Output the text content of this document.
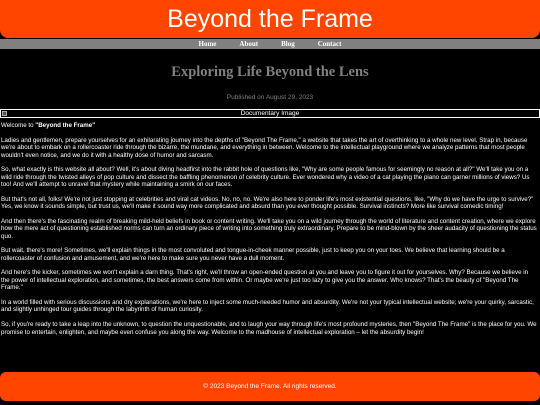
Beyond the Frame
Home	About	Blog	Contact
Exploring Life Beyond the Lens
Published on August 29, 2023
Documentary Image

Welcome to "Beyond the Frame"

Ladies and gentlemen, prepare yourselves for an exhilarating journey into the depths of "Beyond The Frame," a website that takes the art of overthinking to a whole new level. Strap in, because we're about to embark on a rollercoaster ride through the bizarre, the mundane, and everything in between. Welcome to the intellectual playground where we analyze patterns that most people wouldn't even notice, and we do it with a healthy dose of humor and sarcasm.

So, what exactly is this website all about? Well, it's about diving headfirst into the rabbit hole of questions like, "Why are some people famous for seemingly no reason at all?" We'll take you on a wild ride through the twisted alleys of pop culture and dissect the baffling phenomenon of celebrity culture. Ever wondered why a video of a cat playing the piano can garner millions of views? Us too! And we'll attempt to unravel that mystery while maintaining a smirk on our faces.

But that's not all, folks! We're not just stopping at celebrities and viral cat videos. No, no, no. We're also here to ponder life's most existential questions, like, "Why do we have the urge to survive?" Yes, we know it sounds simple, but trust us, we'll make it sound way more complicated and absurd than you ever thought possible. Survival instincts? More like survival comedic timing!

And then there's the fascinating realm of breaking mild-held beliefs in book or content writing. We'll take you on a wild journey through the world of literature and content creation, where we explore how the mere act of questioning established norms can turn an ordinary piece of writing into something truly extraordinary. Prepare to be mind-blown by the sheer audacity of questioning the status quo.

But wait, there's more! Sometimes, we'll explain things in the most convoluted and tongue-in-cheek manner possible, just to keep you on your toes. We believe that learning should be a rollercoaster of confusion and amusement, and we're here to make sure you never have a dull moment.

And here's the kicker, sometimes we won't explain a darn thing. That's right, we'll throw an open-ended question at you and leave you to figure it out for yourselves. Why? Because we believe in the power of intellectual exploration, and sometimes, the best answers come from within. Or maybe we're just too lazy to give you the answer. Who knows? That's the beauty of "Beyond The Frame."

In a world filled with serious discussions and dry explanations, we're here to inject some much-needed humor and absurdity. We're not your typical intellectual website; we're your quirky, sarcastic, and slightly unhinged tour guides through the labyrinth of human curiosity.

So, if you're ready to take a leap into the unknown, to question the unquestionable, and to laugh your way through life's most profound mysteries, then "Beyond The Frame" is the place for you. We promise to entertain, enlighten, and maybe even confuse you along the way. Welcome to the madhouse of intellectual exploration – let the absurdity begin!

© 2023 Beyond the Frame. All rights reserved.
